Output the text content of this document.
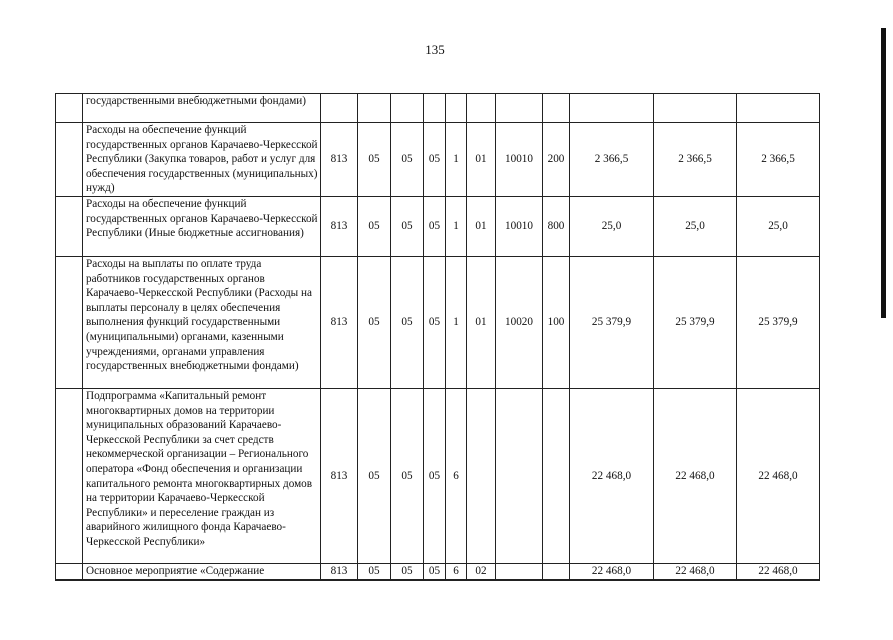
135
	государственными внебюджетными фондами)											
	Расходы на обеспечение функций государственных органов Карачаево-Черкесской Республики (Закупка товаров, работ и услуг для обеспечения государственных (муниципальных) нужд)	813	05	05	05	1	01	10010	200	2 366,5	2 366,5	2 366,5
	Расходы на обеспечение функций государственных органов Карачаево-Черкесской Республики (Иные бюджетные ассигнования)	813	05	05	05	1	01	10010	800	25,0	25,0	25,0
	Расходы на выплаты по оплате труда работников государственных органов Карачаево-Черкесской Республики (Расходы на выплаты персоналу в целях обеспечения выполнения функций государственными (муниципальными) органами, казенными учреждениями, органами управления государственных внебюджетными фондами)	813	05	05	05	1	01	10020	100	25 379,9	25 379,9	25 379,9
	Подпрограмма «Капитальный ремонт многоквартирных домов на территории муниципальных образований Карачаево-Черкесской Республики за счет средств некоммерческой организации – Регионального оператора «Фонд обеспечения и организации капитального ремонта многоквартирных домов на территории Карачаево-Черкесской Республики» и переселение граждан из аварийного жилищного фонда Карачаево-Черкесской Республики»	813	05	05	05	6				22 468,0	22 468,0	22 468,0
	Основное мероприятие «Содержание	813	05	05	05	6	02			22 468,0	22 468,0	22 468,0
